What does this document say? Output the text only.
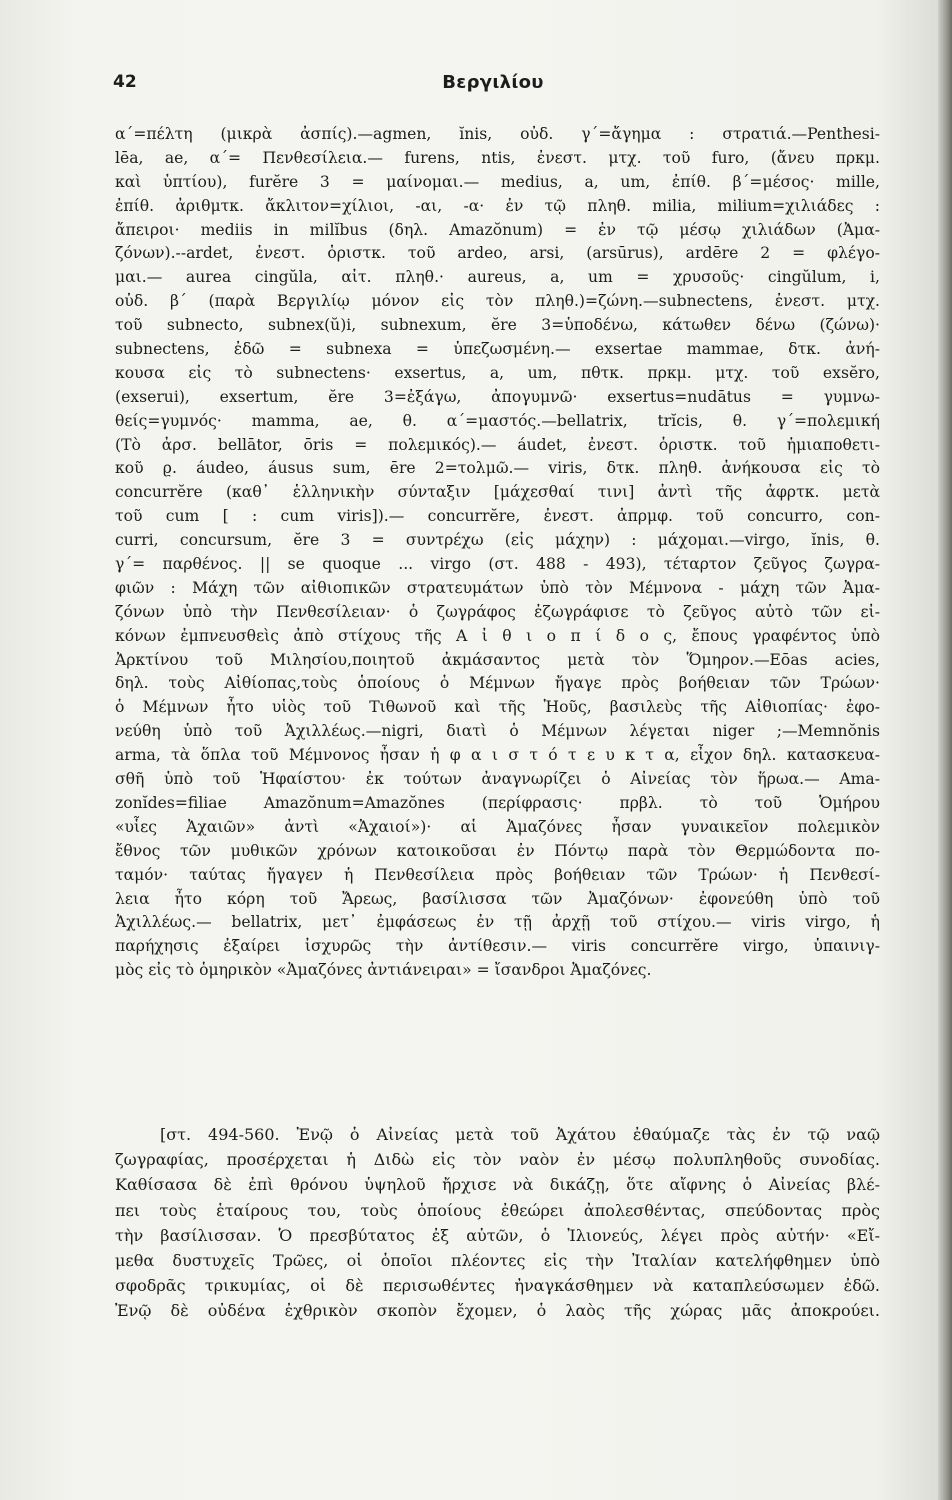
42	Βεργιλίου
α΄=πέλτη (μικρὰ ἀσπίς).—agmen, ĭnis, οὐδ. γ΄=ἄγημα : στρατιά.—Penthesi-
lēa, ae, α΄= Πενθεσίλεια.— furens, ntis, ἐνεστ. μτχ. τοῦ furo, (ἄνευ πρκμ.
καὶ ὑπτίου), furĕre 3 = μαίνομαι.— medius, a, um, ἐπίθ. β΄=μέσος· mille,
ἐπίθ. ἀριθμτκ. ἄκλιτον=χίλιοι, -αι, -α· ἐν τῷ πληθ. milia, milium=χιλιάδες :
ἄπειροι· mediis in milĭbus (δηλ. Amazŏnum) = ἐν τῷ μέσῳ χιλιάδων (Ἀμα-
ζόνων).--ardet, ἐνεστ. ὁριστκ. τοῦ ardeo, arsi, (arsūrus), ardēre 2 = φλέγο-
μαι.— aurea cingŭla, αἰτ. πληθ.· aureus, a, um = χρυσοῦς· cingŭlum, i,
οὐδ. β΄ (παρὰ Βεργιλίῳ μόνον εἰς τὸν πληθ.)=ζώνη.—subnectens, ἐνεστ. μτχ.
τοῦ subnecto, subnex(ŭ)i, subnexum, ĕre 3=ὑποδένω, κάτωθεν δένω (ζώνω)·
subnectens, ἐδῶ = subnexa = ὑπεζωσμένη.— exsertae mammae, δτκ. ἀνή-
κουσα εἰς τὸ subnectens· exsertus, a, um, πθτκ. πρκμ. μτχ. τοῦ exsĕro,
(exserui), exsertum, ĕre 3=ἐξάγω, ἀπογυμνῶ· exsertus=nudātus = γυμνω-
θείς=γυμνός· mamma, ae, θ. α΄=μαστός.—bellatrix, trĭcis, θ. γ΄=πολεμική
(Τὸ ἀρσ. bellātor, ōris = πολεμικός).— áudet, ἐνεστ. ὁριστκ. τοῦ ἡμιαποθετι-
κοῦ ϱ. áudeo, áusus sum, ēre 2=τολμῶ.— viris, δτκ. πληθ. ἀνήκουσα εἰς τὸ
concurrĕre (καθ᾽ ἑλληνικὴν σύνταξιν [μάχεσθαί τινι] ἀντὶ τῆς ἀφρτκ. μετὰ
τοῦ cum [ : cum viris]).— concurrĕre, ἐνεστ. ἀπρμφ. τοῦ concurro, con-
curri, concursum, ĕre 3 = συντρέχω (εἰς μάχην) : μάχομαι.—virgo, ĭnis, θ.
γ΄= παρθένος. || se quoque ... virgo (στ. 488 - 493), τέταρτον ζεῦγος ζωγρα-
φιῶν : Μάχη τῶν αἰθιοπικῶν στρατευμάτων ὑπὸ τὸν Μέμνονα - μάχη τῶν Ἀμα-
ζόνων ὑπὸ τὴν Πενθεσίλειαν· ὁ ζωγράφος ἐζωγράφισε τὸ ζεῦγος αὐτὸ τῶν εἰ-
κόνων ἐμπνευσθεὶς ἀπὸ στίχους τῆς Α ἰ θ ι ο π ί δ ο ς, ἔπους γραφέντος ὑπὸ
Ἀρκτίνου τοῦ Μιλησίου,ποιητοῦ ἀκμάσαντος μετὰ τὸν Ὅμηρον.—Eōas acies,
δηλ. τοὺς Αἰθίοπας,τοὺς ὁποίους ὁ Μέμνων ἤγαγε πρὸς βοήθειαν τῶν Τρώων·
ὁ Μέμνων ἦτο υἱὸς τοῦ Τιθωνοῦ καὶ τῆς Ἠοῦς, βασιλεὺς τῆς Αἰθιοπίας· ἐφο-
νεύθη ὑπὸ τοῦ Ἀχιλλέως.—nigri, διατὶ ὁ Μέμνων λέγεται niger ;—Memnŏnis
arma, τὰ ὅπλα τοῦ Μέμνονος ἦσαν ἡ φ α ι σ τ ό τ ε υ κ τ α, εἶχον δηλ. κατασκευα-
σθῆ ὑπὸ τοῦ Ἡφαίστου· ἐκ τούτων ἀναγνωρίζει ὁ Αἰνείας τὸν ἥρωα.— Ama-
zonĭdes=filiae Amazŏnum=Amazŏnes (περίφρασις· πρβλ. τὸ τοῦ Ὁμήρου
«υἷες Ἀχαιῶν» ἀντὶ «Ἀχαιοί»)· αἱ Ἀμαζόνες ἦσαν γυναικεῖον πολεμικὸν
ἔθνος τῶν μυθικῶν χρόνων κατοικοῦσαι ἐν Πόντῳ παρὰ τὸν Θερμώδοντα πο-
ταμόν· ταύτας ἤγαγεν ἡ Πενθεσίλεια πρὸς βοήθειαν τῶν Τρώων· ἡ Πενθεσί-
λεια ἦτο κόρη τοῦ Ἄρεως, βασίλισσα τῶν Ἀμαζόνων· ἐφονεύθη ὑπὸ τοῦ
Ἀχιλλέως.— bellatrix, μετ᾽ ἐμφάσεως ἐν τῇ ἀρχῇ τοῦ στίχου.— viris virgo, ἡ
παρήχησις ἐξαίρει ἰσχυρῶς τὴν ἀντίθεσιν.— viris concurrĕre virgo, ὑπαινιγ-
μὸς εἰς τὸ ὁμηρικὸν «Ἀμαζόνες ἀντιάνειραι» = ἴσανδροι Ἀμαζόνες.
[στ. 494-560. Ἐνῷ ὁ Αἰνείας μετὰ τοῦ Ἀχάτου ἐθαύμαζε τὰς ἐν τῷ ναῷ
ζωγραφίας, προσέρχεται ἡ Διδὼ εἰς τὸν ναὸν ἐν μέσῳ πολυπληθοῦς συνοδίας.
Καθίσασα δὲ ἐπὶ θρόνου ὑψηλοῦ ἤρχισε νὰ δικάζῃ, ὅτε αἴφνης ὁ Αἰνείας βλέ-
πει τοὺς ἑταίρους του, τοὺς ὁποίους ἐθεώρει ἀπολεσθέντας, σπεύδοντας πρὸς
τὴν βασίλισσαν. Ὁ πρεσβύτατος ἐξ αὐτῶν, ὁ Ἰλιονεύς, λέγει πρὸς αὐτήν· «Εἴ-
μεθα δυστυχεῖς Τρῶες, οἱ ὁποῖοι πλέοντες εἰς τὴν Ἰταλίαν κατελήφθημεν ὑπὸ
σφοδρᾶς τρικυμίας, οἱ δὲ περισωθέντες ἠναγκάσθημεν νὰ καταπλεύσωμεν ἐδῶ.
Ἐνῷ δὲ οὐδένα ἐχθρικὸν σκοπὸν ἔχομεν, ὁ λαὸς τῆς χώρας μᾶς ἀποκρούει.
